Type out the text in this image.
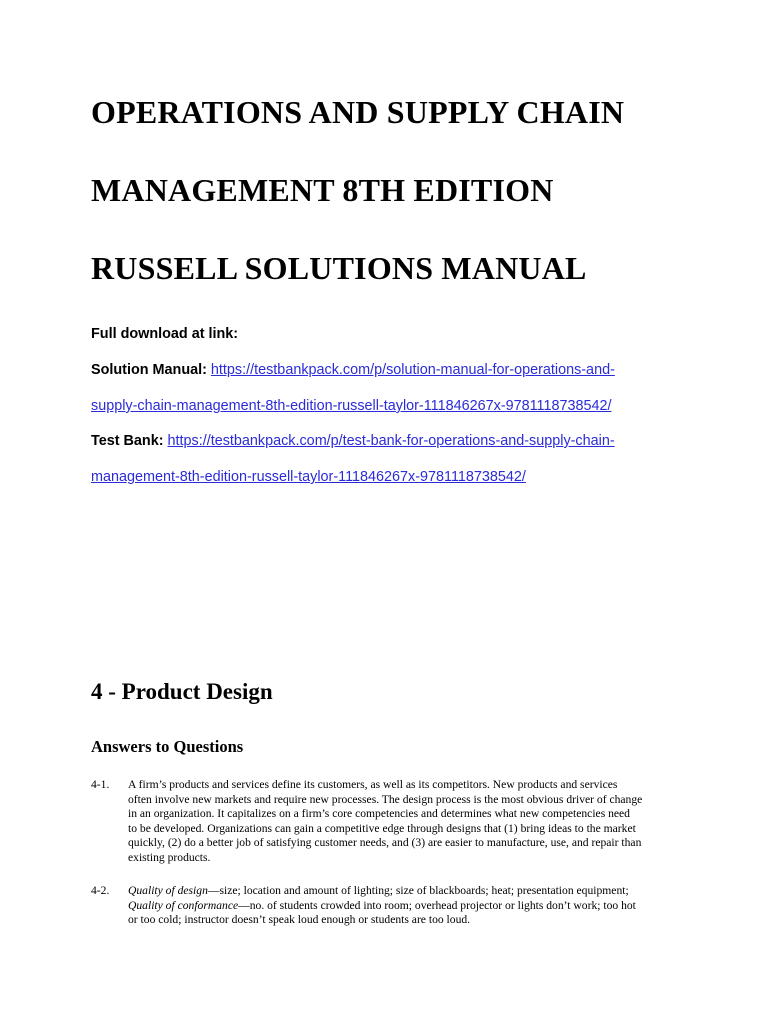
OPERATIONS AND SUPPLY CHAIN
MANAGEMENT 8TH EDITION
RUSSELL SOLUTIONS MANUAL
Full download at link:
Solution Manual: https://testbankpack.com/p/solution-manual-for-operations-and-
supply-chain-management-8th-edition-russell-taylor-111846267x-9781118738542/
Test Bank: https://testbankpack.com/p/test-bank-for-operations-and-supply-chain-
management-8th-edition-russell-taylor-111846267x-9781118738542/
4 - Product Design
Answers to Questions
4-1. A firm’s products and services define its customers, as well as its competitors. New products and services
often involve new markets and require new processes. The design process is the most obvious driver of change
in an organization. It capitalizes on a firm’s core competencies and determines what new competencies need
to be developed. Organizations can gain a competitive edge through designs that (1) bring ideas to the market
quickly, (2) do a better job of satisfying customer needs, and (3) are easier to manufacture, use, and repair than
existing products.
4-2. Quality of design—size; location and amount of lighting; size of blackboards; heat; presentation equipment;
Quality of conformance—no. of students crowded into room; overhead projector or lights don’t work; too hot
or too cold; instructor doesn’t speak loud enough or students are too loud.
